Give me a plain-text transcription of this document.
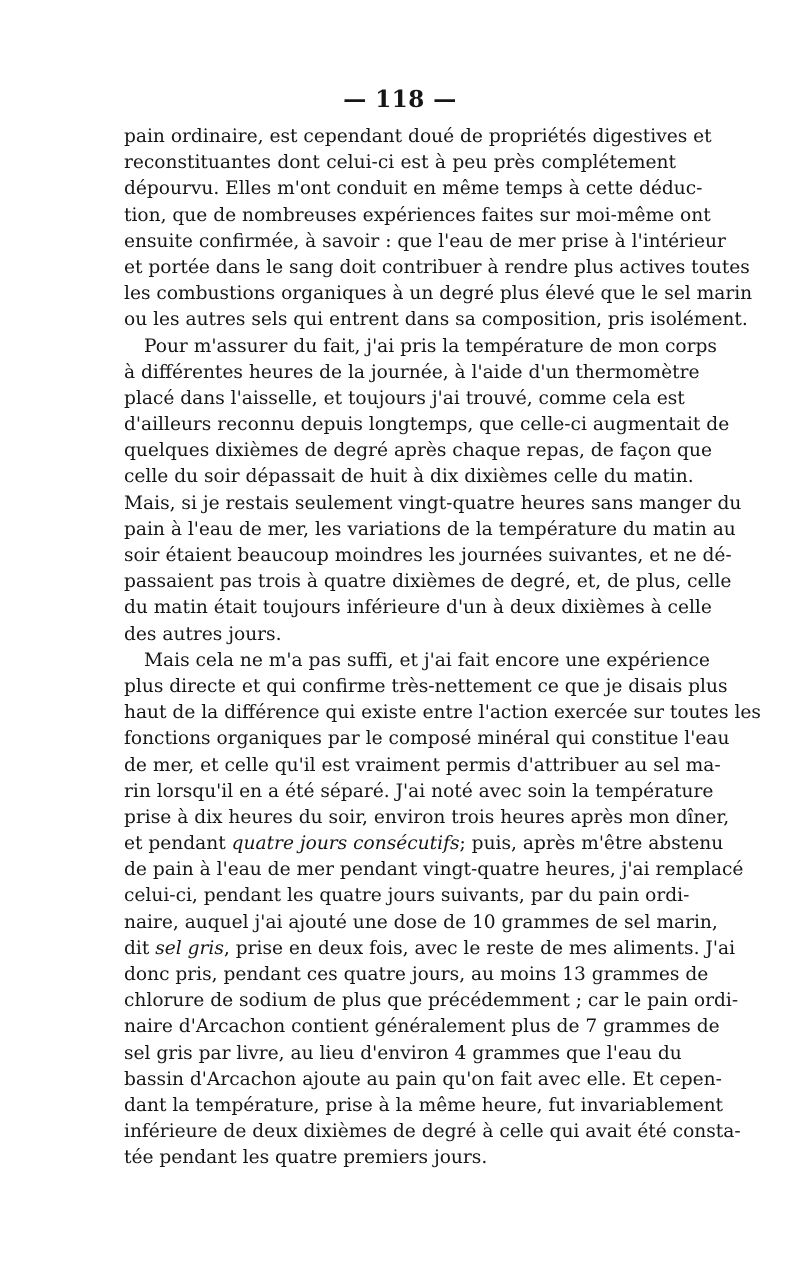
— 118 —
pain ordinaire, est cependant doué de propriétés digestives et
reconstituantes dont celui-ci est à peu près complétement
dépourvu. Elles m'ont conduit en même temps à cette déduc-
tion, que de nombreuses expériences faites sur moi-même ont
ensuite confirmée, à savoir : que l'eau de mer prise à l'intérieur
et portée dans le sang doit contribuer à rendre plus actives toutes
les combustions organiques à un degré plus élevé que le sel marin
ou les autres sels qui entrent dans sa composition, pris isolément.
Pour m'assurer du fait, j'ai pris la température de mon corps
à différentes heures de la journée, à l'aide d'un thermomètre
placé dans l'aisselle, et toujours j'ai trouvé, comme cela est
d'ailleurs reconnu depuis longtemps, que celle-ci augmentait de
quelques dixièmes de degré après chaque repas, de façon que
celle du soir dépassait de huit à dix dixièmes celle du matin.
Mais, si je restais seulement vingt-quatre heures sans manger du
pain à l'eau de mer, les variations de la température du matin au
soir étaient beaucoup moindres les journées suivantes, et ne dé-
passaient pas trois à quatre dixièmes de degré, et, de plus, celle
du matin était toujours inférieure d'un à deux dixièmes à celle
des autres jours.
Mais cela ne m'a pas suffi, et j'ai fait encore une expérience
plus directe et qui confirme très-nettement ce que je disais plus
haut de la différence qui existe entre l'action exercée sur toutes les
fonctions organiques par le composé minéral qui constitue l'eau
de mer, et celle qu'il est vraiment permis d'attribuer au sel ma-
rin lorsqu'il en a été séparé. J'ai noté avec soin la température
prise à dix heures du soir, environ trois heures après mon dîner,
et pendant quatre jours consécutifs; puis, après m'être abstenu
de pain à l'eau de mer pendant vingt-quatre heures, j'ai remplacé
celui-ci, pendant les quatre jours suivants, par du pain ordi-
naire, auquel j'ai ajouté une dose de 10 grammes de sel marin,
dit sel gris, prise en deux fois, avec le reste de mes aliments. J'ai
donc pris, pendant ces quatre jours, au moins 13 grammes de
chlorure de sodium de plus que précédemment ; car le pain ordi-
naire d'Arcachon contient généralement plus de 7 grammes de
sel gris par livre, au lieu d'environ 4 grammes que l'eau du
bassin d'Arcachon ajoute au pain qu'on fait avec elle. Et cepen-
dant la température, prise à la même heure, fut invariablement
inférieure de deux dixièmes de degré à celle qui avait été consta-
tée pendant les quatre premiers jours.
